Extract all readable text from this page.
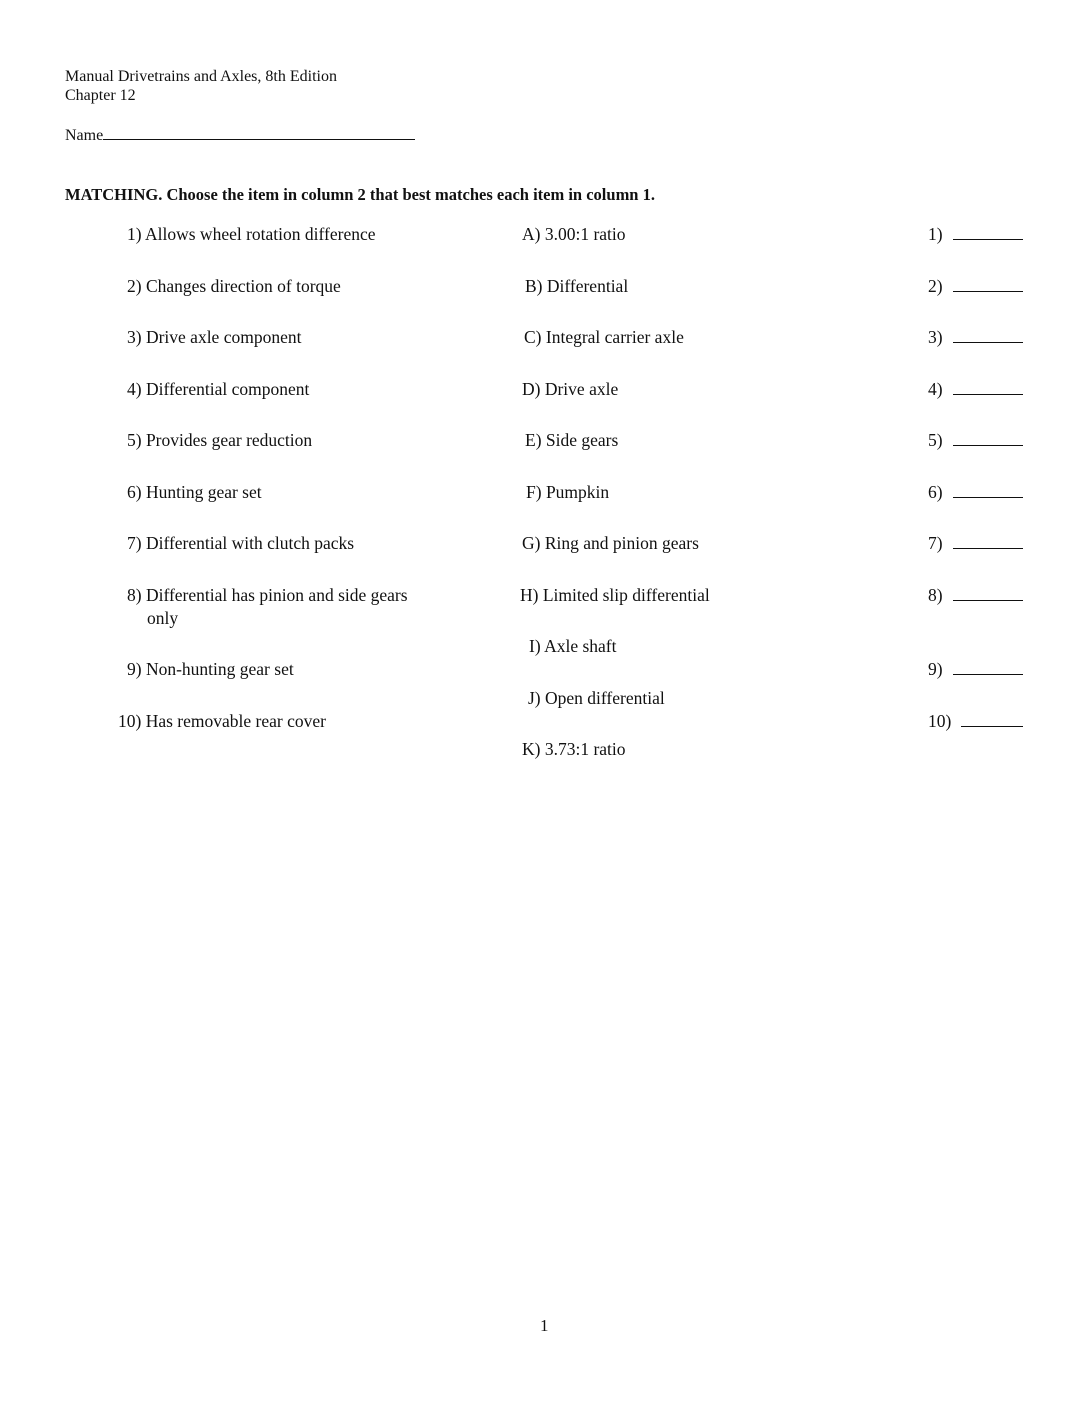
Manual Drivetrains and Axles, 8th Edition
Chapter 12
Name
MATCHING. Choose the item in column 2 that best matches each item in column 1.
1) Allows wheel rotation difference
2) Changes direction of torque
3) Drive axle component
4) Differential component
5) Provides gear reduction
6) Hunting gear set
7) Differential with clutch packs
8) Differential has pinion and side gears
only
9) Non-hunting gear set
10) Has removable rear cover
A) 3.00:1 ratio
B) Differential
C) Integral carrier axle
D) Drive axle
E) Side gears
F) Pumpkin
G) Ring and pinion gears
H) Limited slip differential
I) Axle shaft
J) Open differential
K) 3.73:1 ratio
1)
2)
3)
4)
5)
6)
7)
8)
9)
10)
1
